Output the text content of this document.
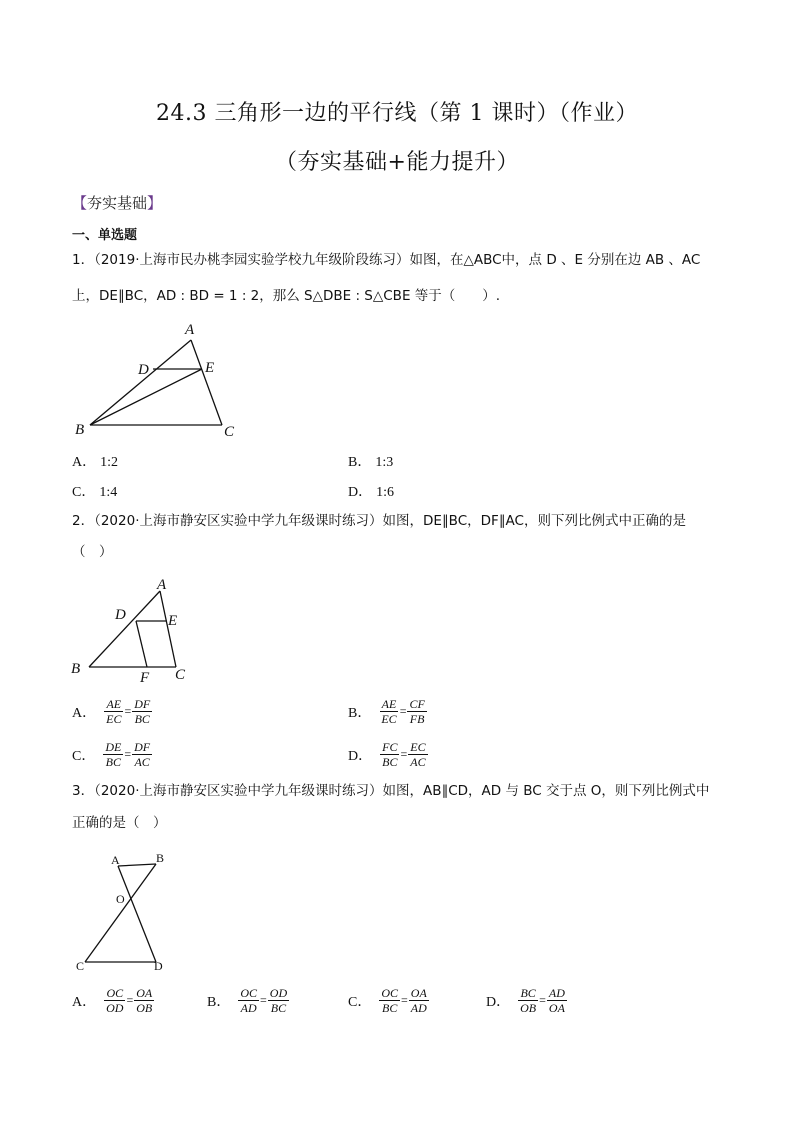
24.3 三角形一边的平行线（第 1 课时）（作业）
（夯实基础+能力提升）
【夯实基础】
一、单选题
1．（2019·上海市民办桃李园实验学校九年级阶段练习）如图，在△ABC中，点 D 、E 分别在边 AB 、AC
上，DE∥BC，AD : BD = 1 : 2，那么 S△DBE : S△CBE 等于（　　）.
A
D	E
B	C
A． 1:2	B． 1:3
C． 1:4	D． 1:6
2．（2020·上海市静安区实验中学九年级课时练习）如图，DE∥BC，DF∥AC，则下列比例式中正确的是
（　）
A
D	E
B	C
F
A． $\frac{AE}{EC} = \frac{DF}{BC}$	B． $\frac{AE}{EC} = \frac{CF}{FB}$
C． $\frac{DE}{BC} = \frac{DF}{AC}$	D． $\frac{FC}{BC} = \frac{EC}{AC}$
3．（2020·上海市静安区实验中学九年级课时练习）如图，AB∥CD，AD 与 BC 交于点 O，则下列比例式中
正确的是（　）
A	B
O
C	D
A． $\frac{OC}{OD} = \frac{OA}{OB}$	B． $\frac{OC}{AD} = \frac{OD}{BC}$	C． $\frac{OC}{BC} = \frac{OA}{AD}$	D． $\frac{BC}{OB} = \frac{AD}{OA}$
